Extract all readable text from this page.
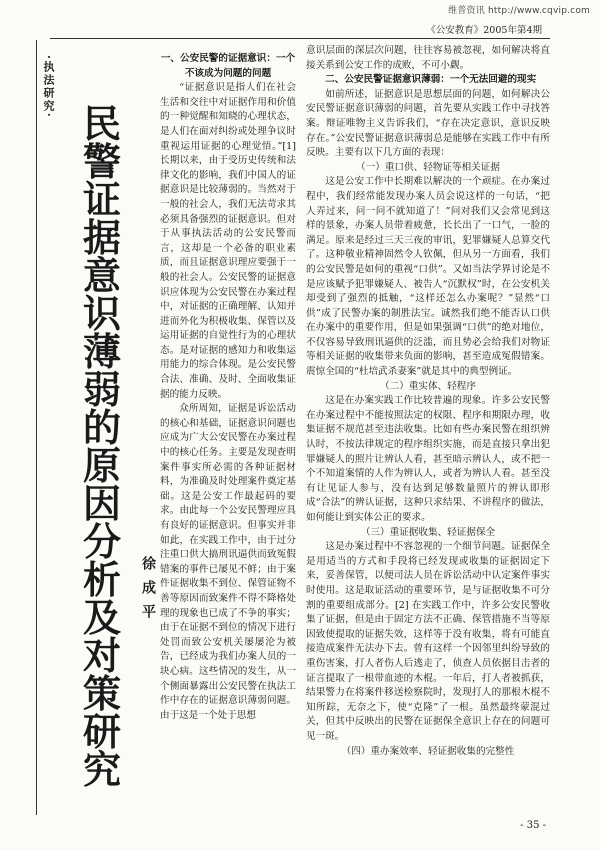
维普资讯 http://www.cqvip.com
《公安教育》2005年第4期
·执法研究·
民
警
证
据
意
识
薄
弱
的
原
因
分
析
及
对
策
研
究
徐成平
一、公安民警的证据意识：一个不该成为问题的问题

“证据意识是指人们在社会生活和交往中对证据作用和价值的一种觉醒和知晓的心理状态，是人们在面对纠纷或处理争议时重视运用证据的心理觉悟。”[1] 长期以来，由于受历史传统和法律文化的影响，我们中国人的证据意识是比较薄弱的。当然对于一般的社会人，我们无法苛求其必须具备强烈的证据意识。但对于从事执法活动的公安民警而言，这却是一个必备的职业素质，而且证据意识理应要强于一般的社会人。公安民警的证据意识应体现为公安民警在办案过程中，对证据的正确理解、认知并进而外化为积极收集、保管以及运用证据的自觉性行为的心理状态。是对证据的感知力和收集运用能力的综合体现。是公安民警合法、准确、及时、全面收集证据的能力反映。

众所周知，证据是诉讼活动的核心和基础，证据意识问题也应成为广大公安民警在办案过程中的核心任务。主要是发现查明案件事实所必需的各种证据材料，为准确及时处理案件奠定基础。这是公安工作最起码的要求。由此每一个公安民警理应具有良好的证据意识。但事实并非如此，在实践工作中，由于过分注重口供大搞刑讯逼供而致冤假错案的事件已屡见不鲜；由于案件证据收集不到位、保管证物不善等原因而致案件不得不降格处理的现象也已成了不争的事实；由于在证据不到位的情况下进行处罚而致公安机关屡屡沦为被告，已经成为我们办案人员的一块心病。这些情况的发生，从一个侧面暴露出公安民警在执法工作中存在的证据意识薄弱问题。由于这是一个处于思想

意识层面的深层次问题，往往容易被忽视，如何解决将直接关系到公安工作的成败，不可小觑。

二、公安民警证据意识薄弱：一个无法回避的现实

如前所述，证据意识是思想层面的问题，如何解决公安民警证据意识薄弱的问题，首先要从实践工作中寻找答案。辩证唯物主义告诉我们，“存在决定意识，意识反映存在。”公安民警证据意识薄弱总是能够在实践工作中有所反映。主要有以下几方面的表现：

（一）重口供、轻物证等相关证据

这是公安工作中长期难以解决的一个顽症。在办案过程中，我们经常能发现办案人员会说这样的一句话，“把人弄过来，问一问不就知道了！”问对我们又会常见到这样的景象，办案人员带着疲惫，长长出了一口气，一脸的满足。原来是经过三天三夜的审讯，犯罪嫌疑人总算交代了。这种敬业精神固然令人钦佩，但从另一方面看，我们的公安民警是如何的重视“口供”。又如当法学界讨论是不是应该赋予犯罪嫌疑人、被告人“沉默权”时，在公安机关却受到了强烈的抵触，“这样还怎么办案呢？”显然“口供”成了民警办案的制胜法宝。诚然我们绝不能否认口供在办案中的重要作用，但是如果强调“口供”的绝对地位，不仅容易导致刑讯逼供的泛滥，而且势必会给我们对物证等相关证据的收集带来负面的影响，甚至造成冤假错案。震惊全国的“杜培武杀妻案”就是其中的典型例证。

（二）重实体、轻程序

这是在办案实践工作比较普遍的现象。许多公安民警在办案过程中不能按照法定的权限、程序和期限办理，收集证据不规范甚至违法收集。比如有些办案民警在组织辨认时，不按法律规定的程序组织实施，而是直接只拿出犯罪嫌疑人的照片让辨认人看，甚至暗示辨认人，或不把一个不知道案情的人作为辨认人，或者为辨认人看。甚至没有让见证人参与，没有达到足够数量照片的辨认即形成“合法”的辨认证据，这种只求结果、不讲程序的做法，如何能让到实体公正的要求。

（三）重证据收集、轻证据保全

这是办案过程中不容忽视的一个细节问题。证据保全是用适当的方式和手段将已经发现或收集的证据固定下来，妥善保管，以便司法人员在诉讼活动中认定案件事实时使用。这是取证活动的重要环节，是与证据收集不可分割的重要组成部分。[2] 在实践工作中，许多公安民警收集了证据，但是由于固定方法不正确、保管措施不当等原因致使提取的证据失效，这样等于没有收集，将有可能直接造成案件无法办下去。曾有这样一个因邻里纠纷导致的重伤害案，打人者伤人后逃走了，侦查人员依据目击者的证言提取了一根带血迹的木棍。一年后，打人者被抓获，结果警力在将案件移送检察院时，发现打人的那根木棍不知所踪，无奈之下，使“克隆”了一根。虽然最终蒙混过关，但其中反映出的民警在证据保全意识上存在的问题可见一斑。

（四）重办案效率、轻证据收集的完整性
- 35 -
